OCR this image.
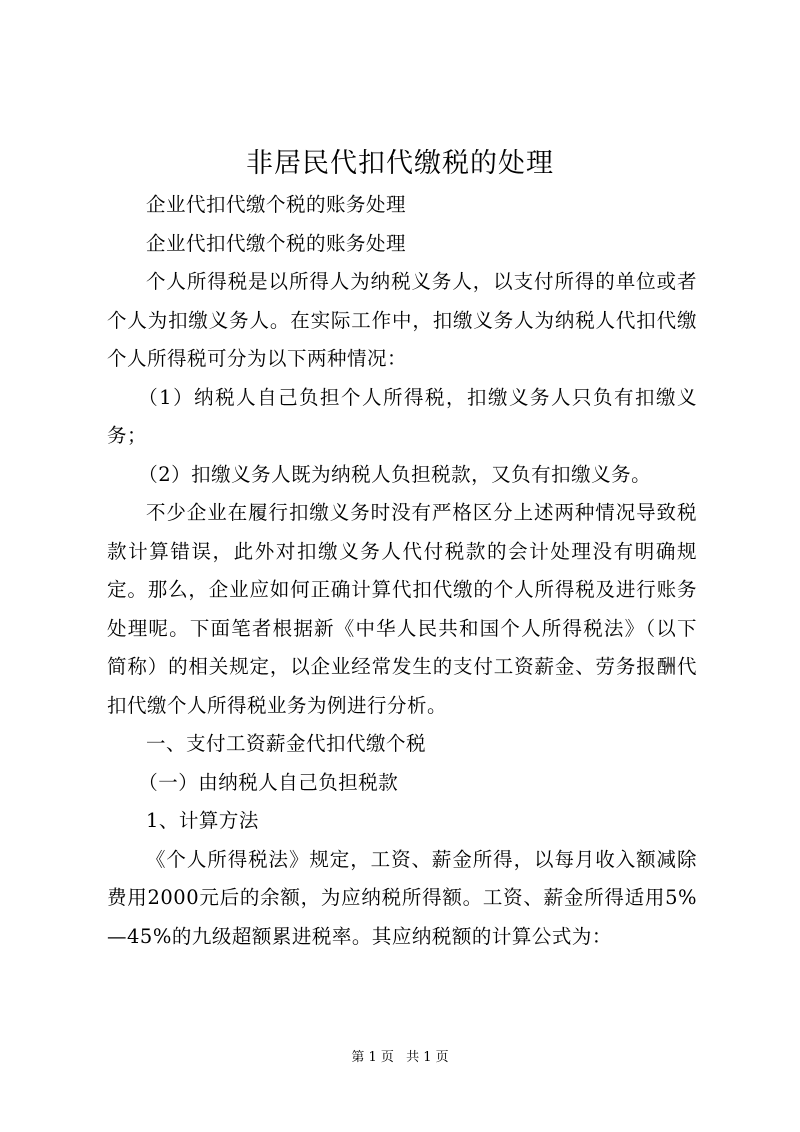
非居民代扣代缴税的处理

企业代扣代缴个税的账务处理

企业代扣代缴个税的账务处理

个人所得税是以所得人为纳税义务人，以支付所得的单位或者个人为扣缴义务人。在实际工作中，扣缴义务人为纳税人代扣代缴个人所得税可分为以下两种情况：

（1）纳税人自己负担个人所得税，扣缴义务人只负有扣缴义务；

（2）扣缴义务人既为纳税人负担税款，又负有扣缴义务。

不少企业在履行扣缴义务时没有严格区分上述两种情况导致税款计算错误，此外对扣缴义务人代付税款的会计处理没有明确规定。那么，企业应如何正确计算代扣代缴的个人所得税及进行账务处理呢。下面笔者根据新《中华人民共和国个人所得税法》（以下简称）的相关规定，以企业经常发生的支付工资薪金、劳务报酬代扣代缴个人所得税业务为例进行分析。

一、支付工资薪金代扣代缴个税

（一）由纳税人自己负担税款

1、计算方法

《个人所得税法》规定，工资、薪金所得，以每月收入额减除费用2000元后的余额，为应纳税所得额。工资、薪金所得适用5%—45%的九级超额累进税率。其应纳税额的计算公式为：

第 1 页 共 1 页
